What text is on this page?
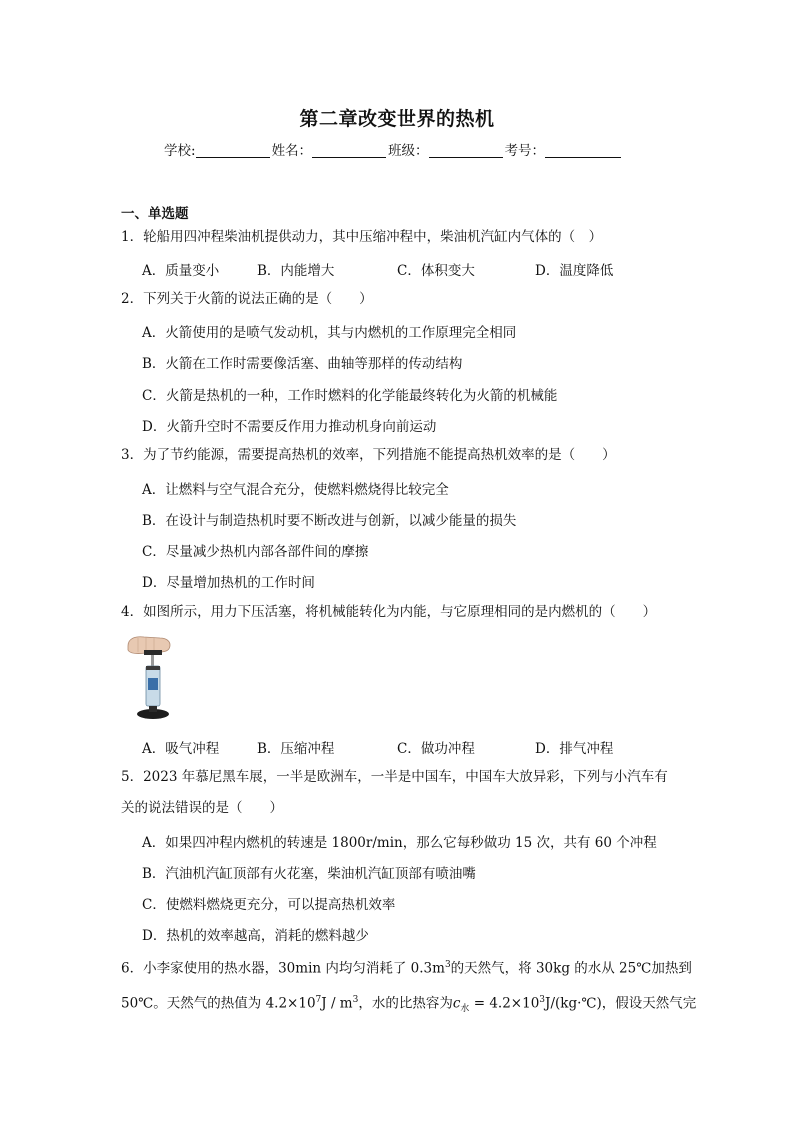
第二章改变世界的热机
学校:	姓名：	班级：	考号：
一、单选题
1．轮船用四冲程柴油机提供动力，其中压缩冲程中，柴油机汽缸内气体的（　）
A．质量变小	B．内能增大	C．体积变大	D．温度降低
2．下列关于火箭的说法正确的是（　　）
A．火箭使用的是喷气发动机，其与内燃机的工作原理完全相同
B．火箭在工作时需要像活塞、曲轴等那样的传动结构
C．火箭是热机的一种，工作时燃料的化学能最终转化为火箭的机械能
D．火箭升空时不需要反作用力推动机身向前运动
3．为了节约能源，需要提高热机的效率，下列措施不能提高热机效率的是（　　）
A．让燃料与空气混合充分，使燃料燃烧得比较完全
B．在设计与制造热机时要不断改进与创新，以减少能量的损失
C．尽量减少热机内部各部件间的摩擦
D．尽量增加热机的工作时间
4．如图所示，用力下压活塞，将机械能转化为内能，与它原理相同的是内燃机的（　　）
A．吸气冲程	B．压缩冲程	C．做功冲程	D．排气冲程
5．2023 年慕尼黑车展，一半是欧洲车，一半是中国车，中国车大放异彩，下列与小汽车有
关的说法错误的是（　　）
A．如果四冲程内燃机的转速是 1800r/min，那么它每秒做功 15 次，共有 60 个冲程
B．汽油机汽缸顶部有火花塞，柴油机汽缸顶部有喷油嘴
C．使燃料燃烧更充分，可以提高热机效率
D．热机的效率越高，消耗的燃料越少
6．小李家使用的热水器，30min 内均匀消耗了 $0.3m^3$的天然气，将 30kg 的水从 25℃加热到
50℃。天然气的热值为 $4.2\times 10^7J / m^3$，水的比热容为$c_水$ = $4.2\times 10^3J/(kg\cdot℃)$，假设天然气完
